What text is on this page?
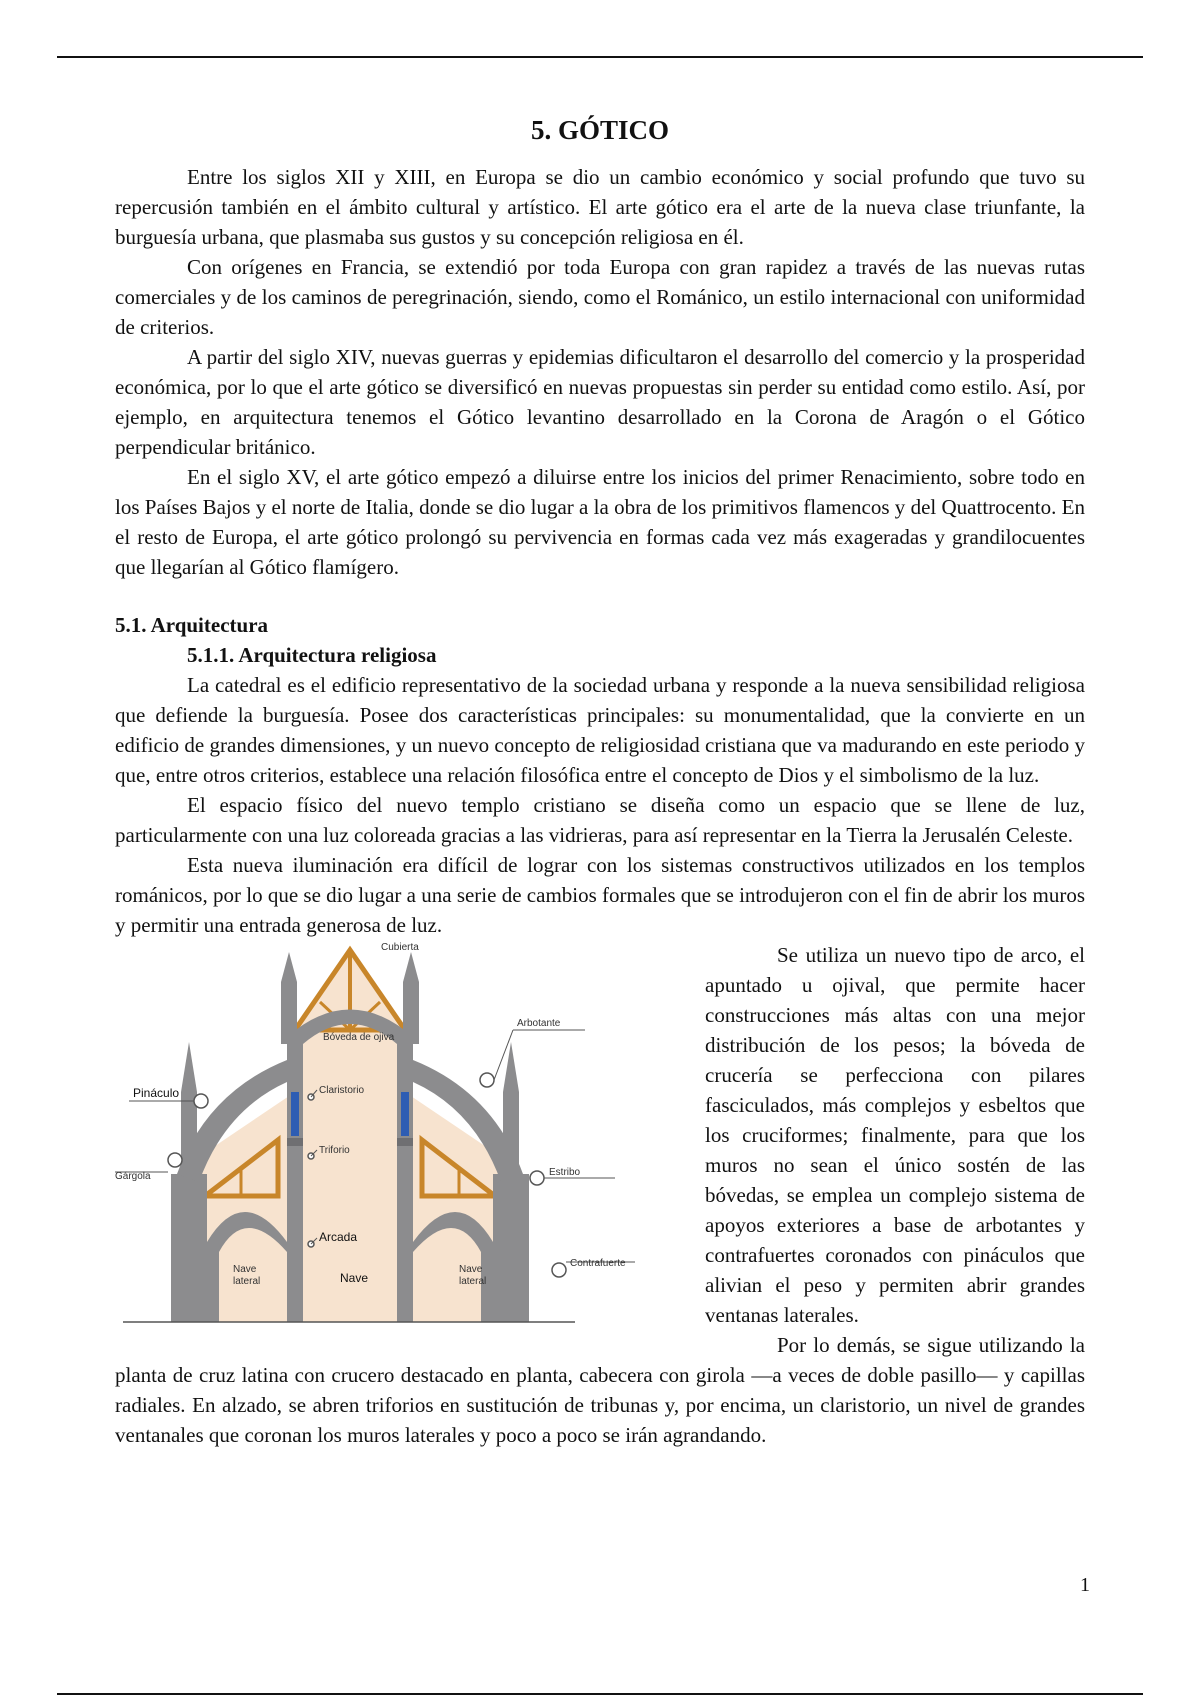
5. GÓTICO

Entre los siglos XII y XIII, en Europa se dio un cambio económico y social profundo que tuvo su repercusión también en el ámbito cultural y artístico. El arte gótico era el arte de la nueva clase triunfante, la burguesía urbana, que plasmaba sus gustos y su concepción religiosa en él.

Con orígenes en Francia, se extendió por toda Europa con gran rapidez a través de las nuevas rutas comerciales y de los caminos de peregrinación, siendo, como el Románico, un estilo internacional con uniformidad de criterios.

A partir del siglo XIV, nuevas guerras y epidemias dificultaron el desarrollo del comercio y la prosperidad económica, por lo que el arte gótico se diversificó en nuevas propuestas sin perder su entidad como estilo. Así, por ejemplo, en arquitectura tenemos el Gótico levantino desarrollado en la Corona de Aragón o el Gótico perpendicular británico.

En el siglo XV, el arte gótico empezó a diluirse entre los inicios del primer Renacimiento, sobre todo en los Países Bajos y el norte de Italia, donde se dio lugar a la obra de los primitivos flamencos y del Quattrocento. En el resto de Europa, el arte gótico prolongó su pervivencia en formas cada vez más exageradas y grandilocuentes que llegarían al Gótico flamígero.

5.1. Arquitectura
5.1.1. Arquitectura religiosa

La catedral es el edificio representativo de la sociedad urbana y responde a la nueva sensibilidad religiosa que defiende la burguesía. Posee dos características principales: su monumentalidad, que la convierte en un edificio de grandes dimensiones, y un nuevo concepto de religiosidad cristiana que va madurando en este periodo y que, entre otros criterios, establece una relación filosófica entre el concepto de Dios y el simbolismo de la luz.

El espacio físico del nuevo templo cristiano se diseña como un espacio que se llene de luz, particularmente con una luz coloreada gracias a las vidrieras, para así representar en la Tierra la Jerusalén Celeste.

Esta nueva iluminación era difícil de lograr con los sistemas constructivos utilizados en los templos románicos, por lo que se dio lugar a una serie de cambios formales que se introdujeron con el fin de abrir los muros y permitir una entrada generosa de luz.

Cubierta
Bóveda de ojiva
Arbotante
Pináculo	Claristorio
Triforio
Gárgola	Estribo
Arcada
Contrafuerte
Nave
lateral	Nave
Nave
lateral

Se utiliza un nuevo tipo de arco, el apuntado u ojival, que permite hacer construcciones más altas con una mejor distribución de los pesos; la bóveda de crucería se perfecciona con pilares fasciculados, más complejos y esbeltos que los cruciformes; finalmente, para que los muros no sean el único sostén de las bóvedas, se emplea un complejo sistema de apoyos exteriores a base de arbotantes y contrafuertes coronados con pináculos que alivian el peso y permiten abrir grandes ventanas laterales.

Por lo demás, se sigue utilizando la planta de cruz latina con crucero destacado en planta, cabecera con girola —a veces de doble pasillo— y capillas radiales. En alzado, se abren triforios en sustitución de tribunas y, por encima, un claristorio, un nivel de grandes ventanales que coronan los muros laterales y poco a poco se irán agrandando.

1
